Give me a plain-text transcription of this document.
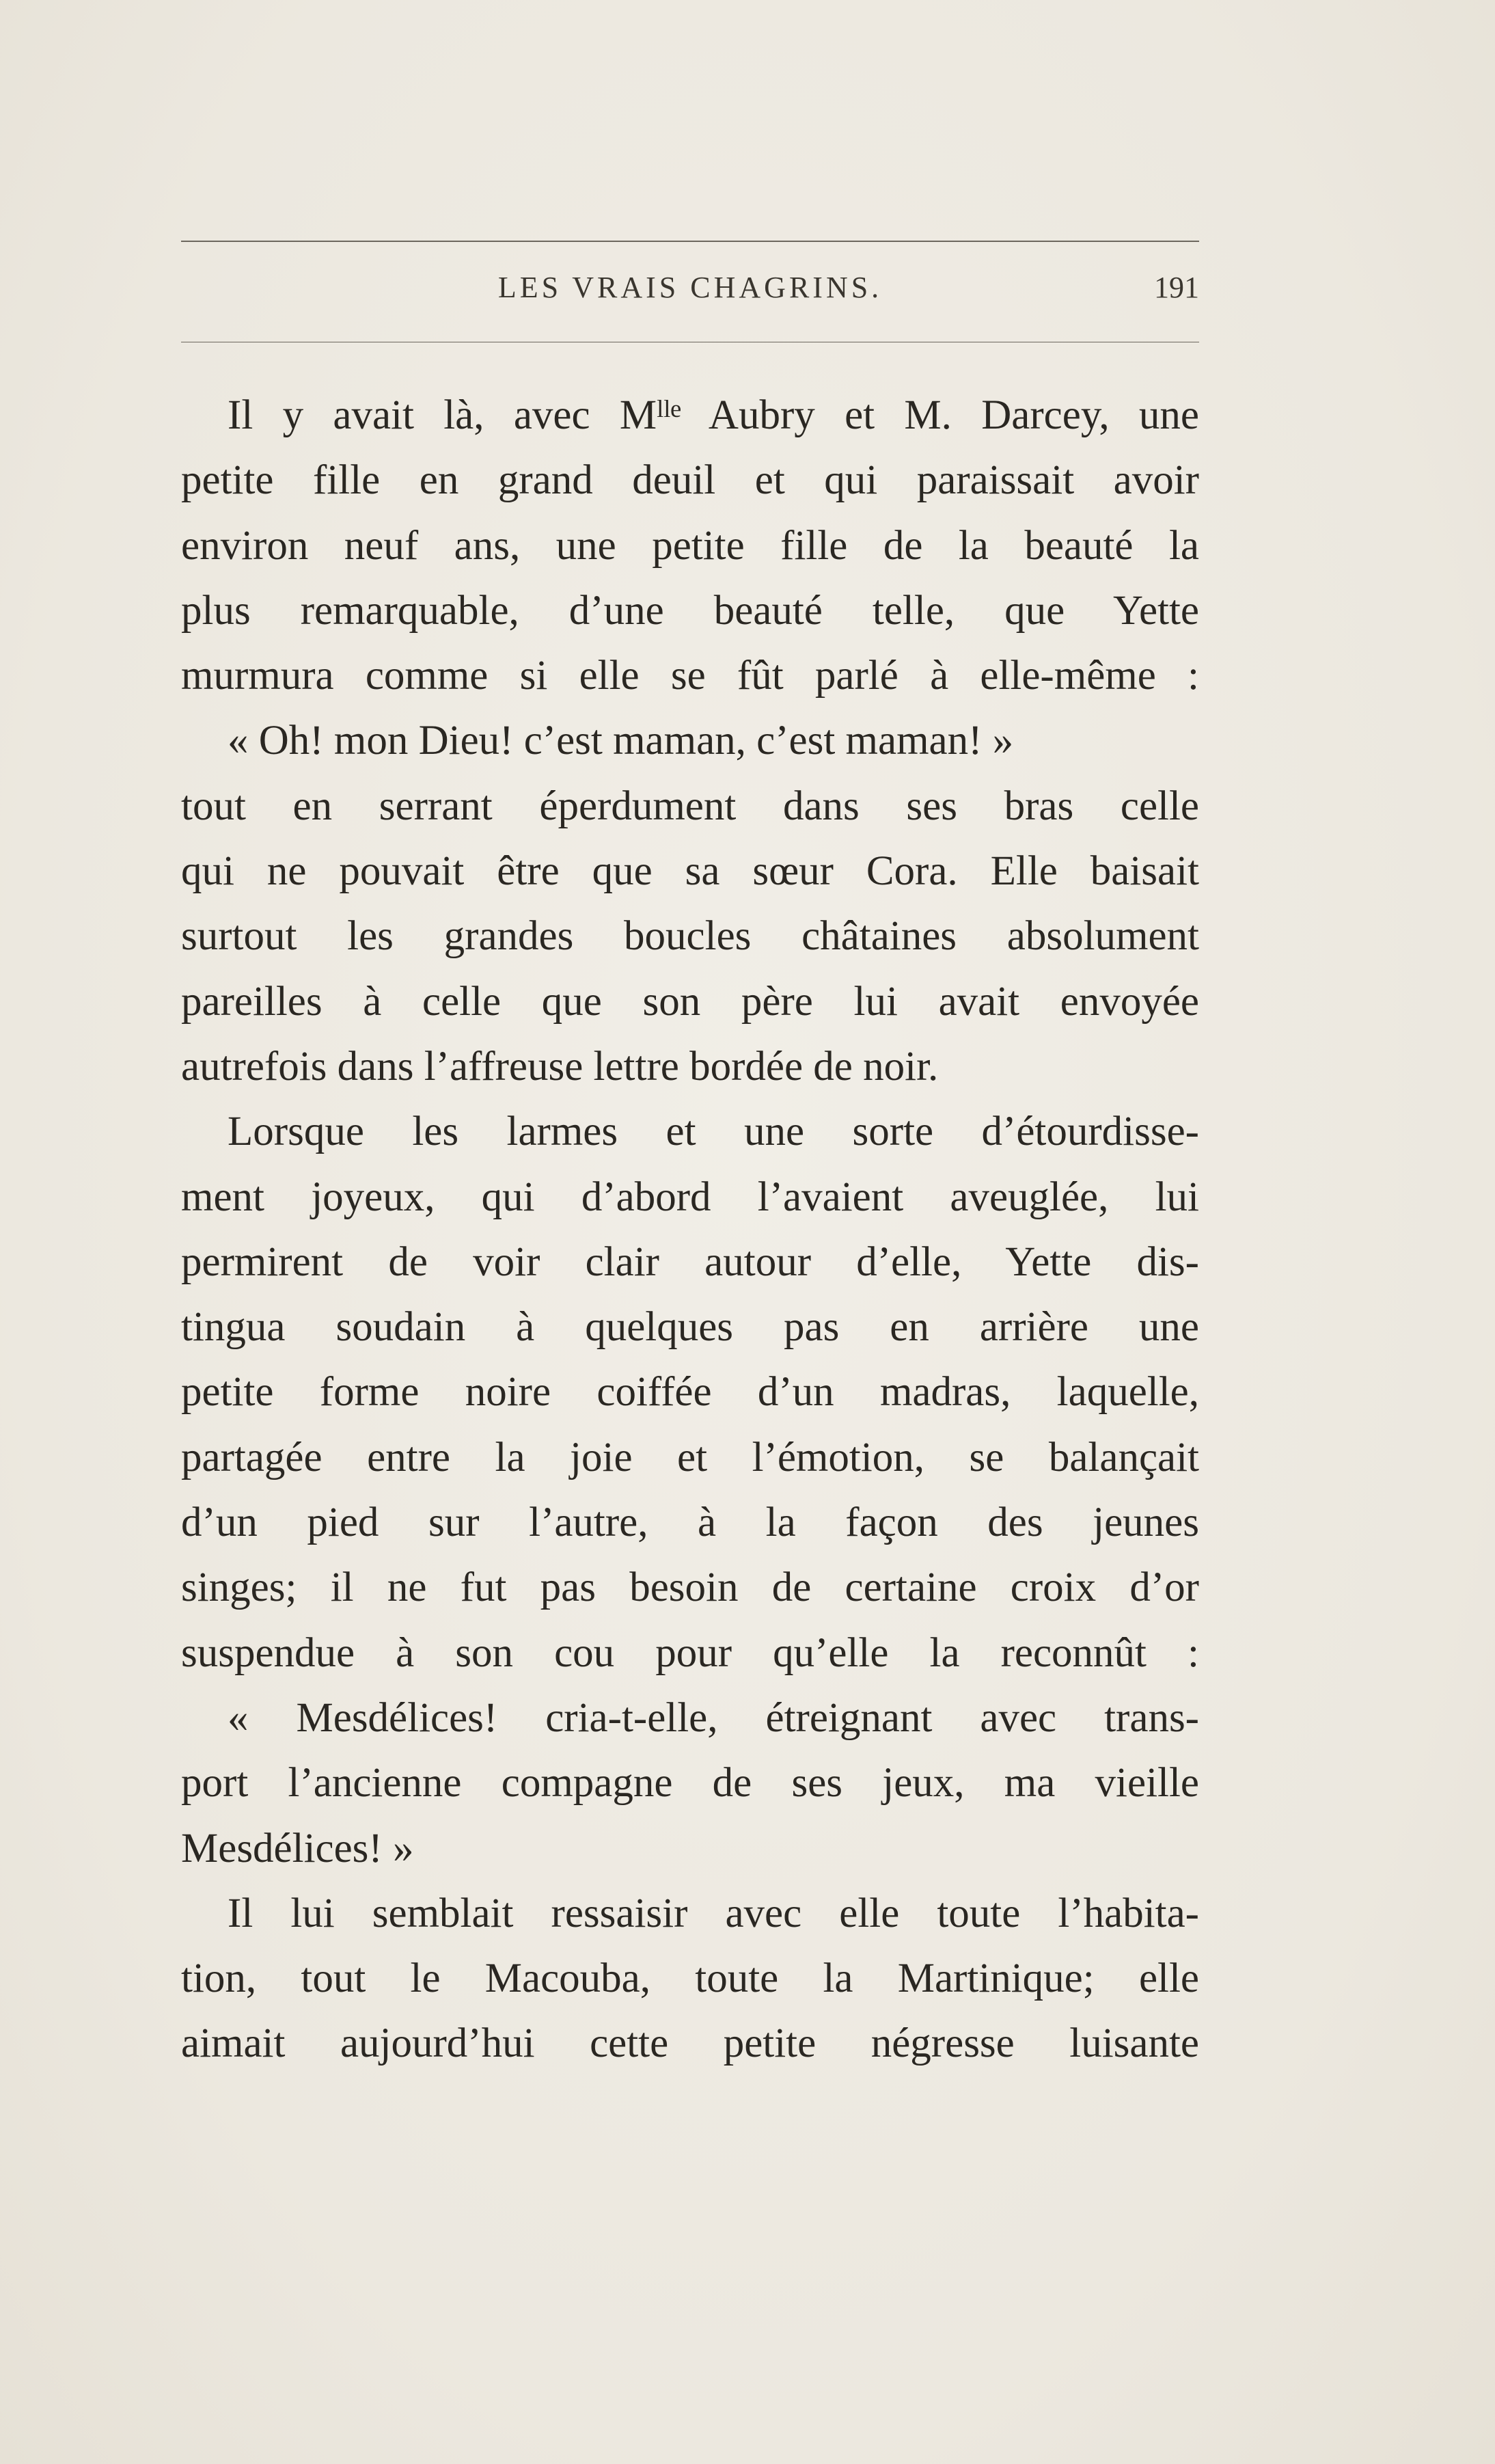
LES VRAIS CHAGRINS.	191
Il y avait là, avec Mˡˡᵉ Aubry et M. Darcey, une
petite fille en grand deuil et qui paraissait avoir
environ neuf ans, une petite fille de la beauté la
plus remarquable, d’une beauté telle, que Yette
murmura comme si elle se fût parlé à elle-même :
« Oh! mon Dieu! c’est maman, c’est maman! »
tout en serrant éperdument dans ses bras celle
qui ne pouvait être que sa sœur Cora. Elle baisait
surtout les grandes boucles châtaines absolument
pareilles à celle que son père lui avait envoyée
autrefois dans l’affreuse lettre bordée de noir.
Lorsque les larmes et une sorte d’étourdisse-
ment joyeux, qui d’abord l’avaient aveuglée, lui
permirent de voir clair autour d’elle, Yette dis-
tingua soudain à quelques pas en arrière une
petite forme noire coiffée d’un madras, laquelle,
partagée entre la joie et l’émotion, se balançait
d’un pied sur l’autre, à la façon des jeunes
singes; il ne fut pas besoin de certaine croix d’or
suspendue à son cou pour qu’elle la reconnût :
« Mesdélices! cria-t-elle, étreignant avec trans-
port l’ancienne compagne de ses jeux, ma vieille
Mesdélices! »
Il lui semblait ressaisir avec elle toute l’habita-
tion, tout le Macouba, toute la Martinique; elle
aimait aujourd’hui cette petite négresse luisante
